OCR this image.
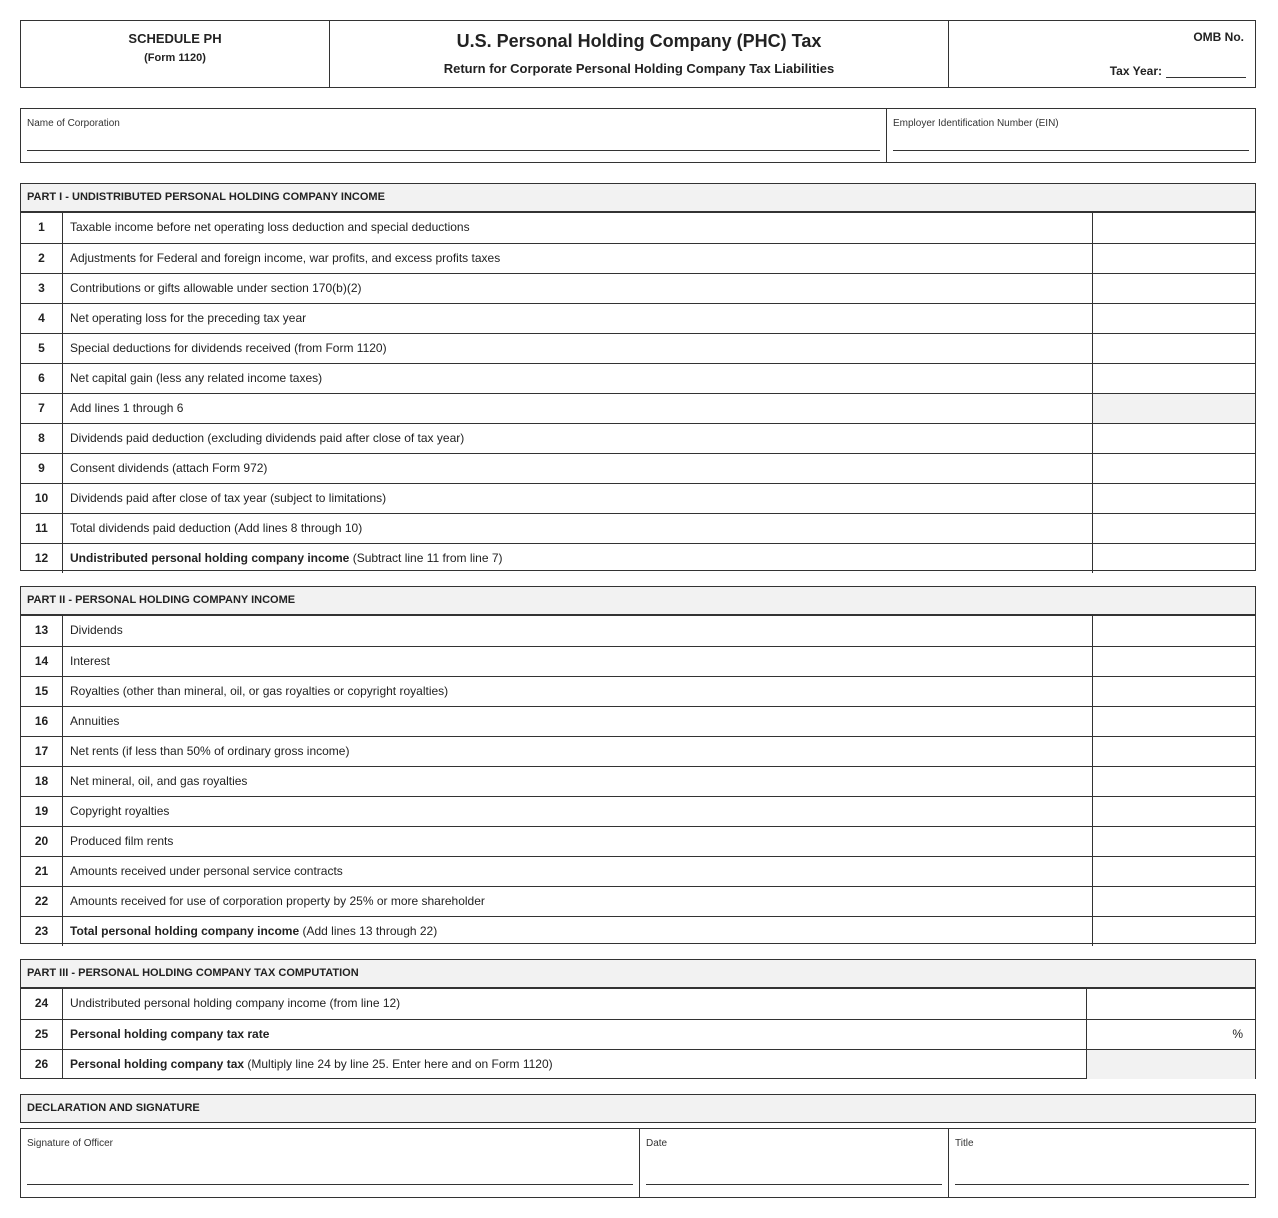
SCHEDULE PH
(Form 1120)
U.S. Personal Holding Company (PHC) Tax
Return for Corporate Personal Holding Company Tax Liabilities
OMB No.
Tax Year:
Name of Corporation	Employer Identification Number (EIN)
PART I - UNDISTRIBUTED PERSONAL HOLDING COMPANY INCOME
1	Taxable income before net operating loss deduction and special deductions
2	Adjustments for Federal and foreign income, war profits, and excess profits taxes
3	Contributions or gifts allowable under section 170(b)(2)
4	Net operating loss for the preceding tax year
5	Special deductions for dividends received (from Form 1120)
6	Net capital gain (less any related income taxes)
7	Add lines 1 through 6
8	Dividends paid deduction (excluding dividends paid after close of tax year)
9	Consent dividends (attach Form 972)
10	Dividends paid after close of tax year (subject to limitations)
11	Total dividends paid deduction (Add lines 8 through 10)
12	Undistributed personal holding company income (Subtract line 11 from line 7)
PART II - PERSONAL HOLDING COMPANY INCOME
13	Dividends
14	Interest
15	Royalties (other than mineral, oil, or gas royalties or copyright royalties)
16	Annuities
17	Net rents (if less than 50% of ordinary gross income)
18	Net mineral, oil, and gas royalties
19	Copyright royalties
20	Produced film rents
21	Amounts received under personal service contracts
22	Amounts received for use of corporation property by 25% or more shareholder
23	Total personal holding company income (Add lines 13 through 22)
PART III - PERSONAL HOLDING COMPANY TAX COMPUTATION
24	Undistributed personal holding company income (from line 12)
25	Personal holding company tax rate	%
26	Personal holding company tax (Multiply line 24 by line 25. Enter here and on Form 1120)
DECLARATION AND SIGNATURE
Signature of Officer	Date	Title
